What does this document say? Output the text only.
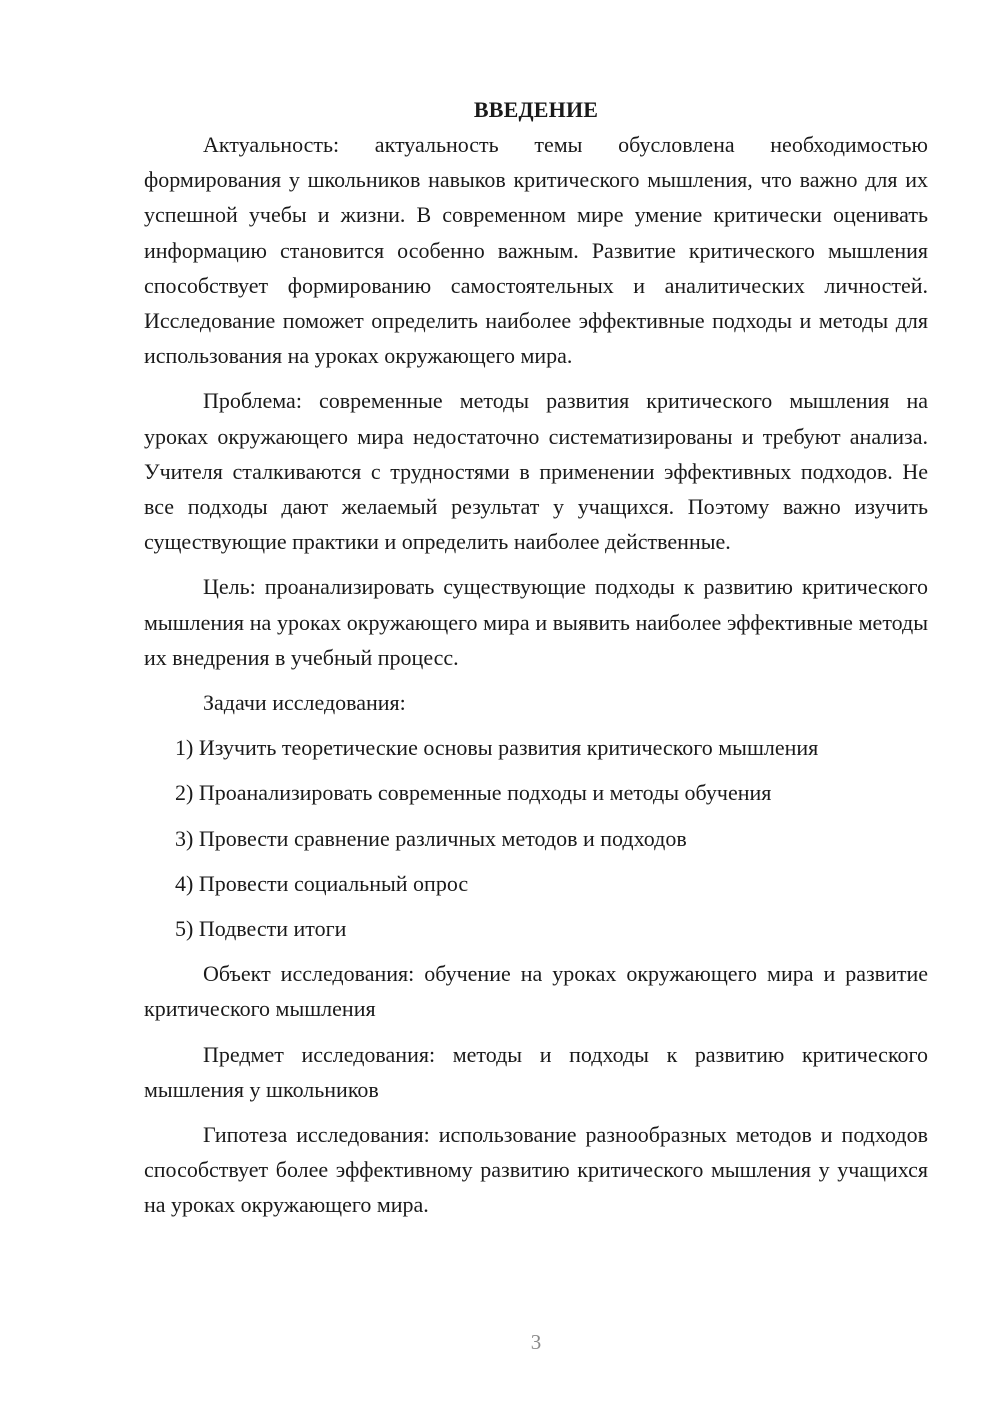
ВВЕДЕНИЕ

Актуальность: актуальность темы обусловлена необходимостью формирования у школьников навыков критического мышления, что важно для их успешной учебы и жизни. В современном мире умение критически оценивать информацию становится особенно важным. Развитие критического мышления способствует формированию самостоятельных и аналитических личностей. Исследование поможет определить наиболее эффективные подходы и методы для использования на уроках окружающего мира.

Проблема: современные методы развития критического мышления на уроках окружающего мира недостаточно систематизированы и требуют анализа. Учителя сталкиваются с трудностями в применении эффективных подходов. Не все подходы дают желаемый результат у учащихся. Поэтому важно изучить существующие практики и определить наиболее действенные.

Цель: проанализировать существующие подходы к развитию критического мышления на уроках окружающего мира и выявить наиболее эффективные методы их внедрения в учебный процесс.

Задачи исследования:

1) Изучить теоретические основы развития критического мышления
2) Проанализировать современные подходы и методы обучения
3) Провести сравнение различных методов и подходов
4) Провести социальный опрос
5) Подвести итоги

Объект исследования: обучение на уроках окружающего мира и развитие критического мышления

Предмет исследования: методы и подходы к развитию критического мышления у школьников

Гипотеза исследования: использование разнообразных методов и подходов способствует более эффективному развитию критического мышления у учащихся на уроках окружающего мира.

3
